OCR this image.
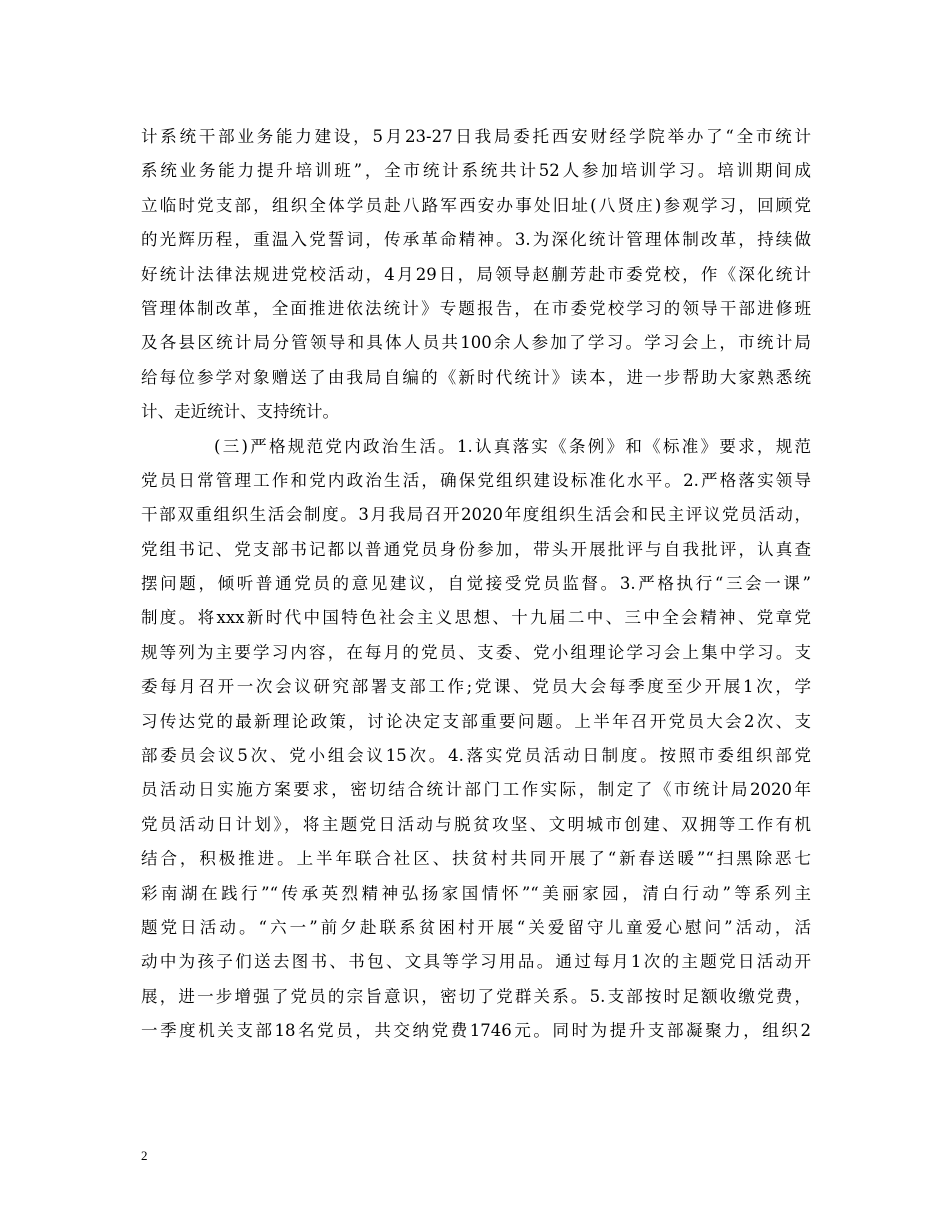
计系统干部业务能力建设，5月23-27日我局委托西安财经学院举办了“全市统计
系统业务能力提升培训班”，全市统计系统共计52人参加培训学习。培训期间成
立临时党支部，组织全体学员赴八路军西安办事处旧址(八贤庄)参观学习，回顾党
的光辉历程，重温入党誓词，传承革命精神。3.为深化统计管理体制改革，持续做
好统计法律法规进党校活动，4月29日，局领导赵蒯芳赴市委党校，作《深化统计
管理体制改革，全面推进依法统计》专题报告，在市委党校学习的领导干部进修班
及各县区统计局分管领导和具体人员共100余人参加了学习。学习会上，市统计局
给每位参学对象赠送了由我局自编的《新时代统计》读本，进一步帮助大家熟悉统
计、走近统计、支持统计。
(三)严格规范党内政治生活。1.认真落实《条例》和《标准》要求，规范
党员日常管理工作和党内政治生活，确保党组织建设标准化水平。2.严格落实领导
干部双重组织生活会制度。3月我局召开2020年度组织生活会和民主评议党员活动，
党组书记、党支部书记都以普通党员身份参加，带头开展批评与自我批评，认真查
摆问题，倾听普通党员的意见建议，自觉接受党员监督。3.严格执行“三会一课”
制度。将xxx新时代中国特色社会主义思想、十九届二中、三中全会精神、党章党
规等列为主要学习内容，在每月的党员、支委、党小组理论学习会上集中学习。支
委每月召开一次会议研究部署支部工作;党课、党员大会每季度至少开展1次，学
习传达党的最新理论政策，讨论决定支部重要问题。上半年召开党员大会2次、支
部委员会议5次、党小组会议15次。4.落实党员活动日制度。按照市委组织部党
员活动日实施方案要求，密切结合统计部门工作实际，制定了《市统计局2020年
党员活动日计划》，将主题党日活动与脱贫攻坚、文明城市创建、双拥等工作有机
结合，积极推进。上半年联合社区、扶贫村共同开展了“新春送暖”“扫黑除恶七
彩南湖在践行”“传承英烈精神弘扬家国情怀”“美丽家园，清白行动”等系列主
题党日活动。“六一”前夕赴联系贫困村开展“关爱留守儿童爱心慰问”活动，活
动中为孩子们送去图书、书包、文具等学习用品。通过每月1次的主题党日活动开
展，进一步增强了党员的宗旨意识，密切了党群关系。5.支部按时足额收缴党费，
一季度机关支部18名党员，共交纳党费1746元。同时为提升支部凝聚力，组织2
2
